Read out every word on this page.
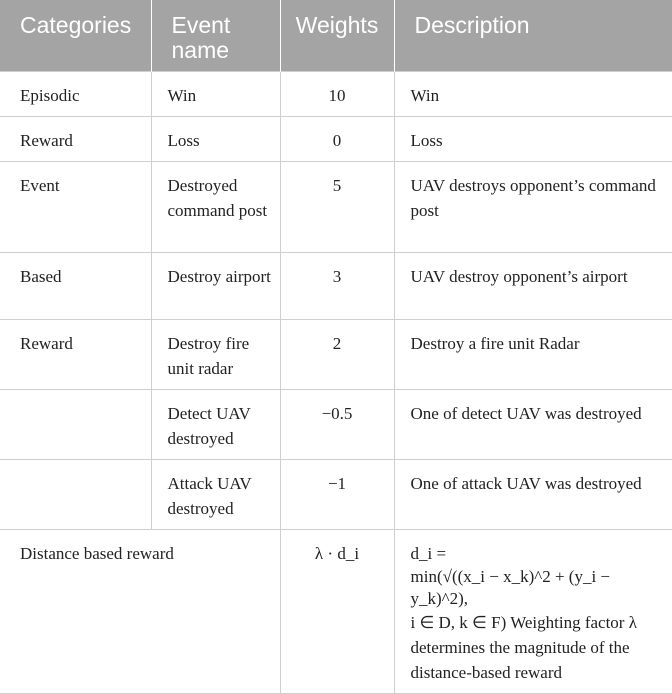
Categories	Event name	Weights	Description
Episodic	Win	10	Win
Reward	Loss	0	Loss
Event	Destroyed command post	5	UAV destroys opponent’s command post
Based	Destroy airport	3	UAV destroy opponent’s airport
Reward	Destroy fire unit radar	2	Destroy a fire unit Radar
	Detect UAV destroyed	−0.5	One of detect UAV was destroyed
	Attack UAV destroyed	−1	One of attack UAV was destroyed
Distance based reward		λ · d_i	d_i =
min(√((x_i − x_k)^2 + (y_i − y_k)^2),
i ∈ D, k ∈ F) Weighting factor λ determines the magnitude of the distance-based reward
